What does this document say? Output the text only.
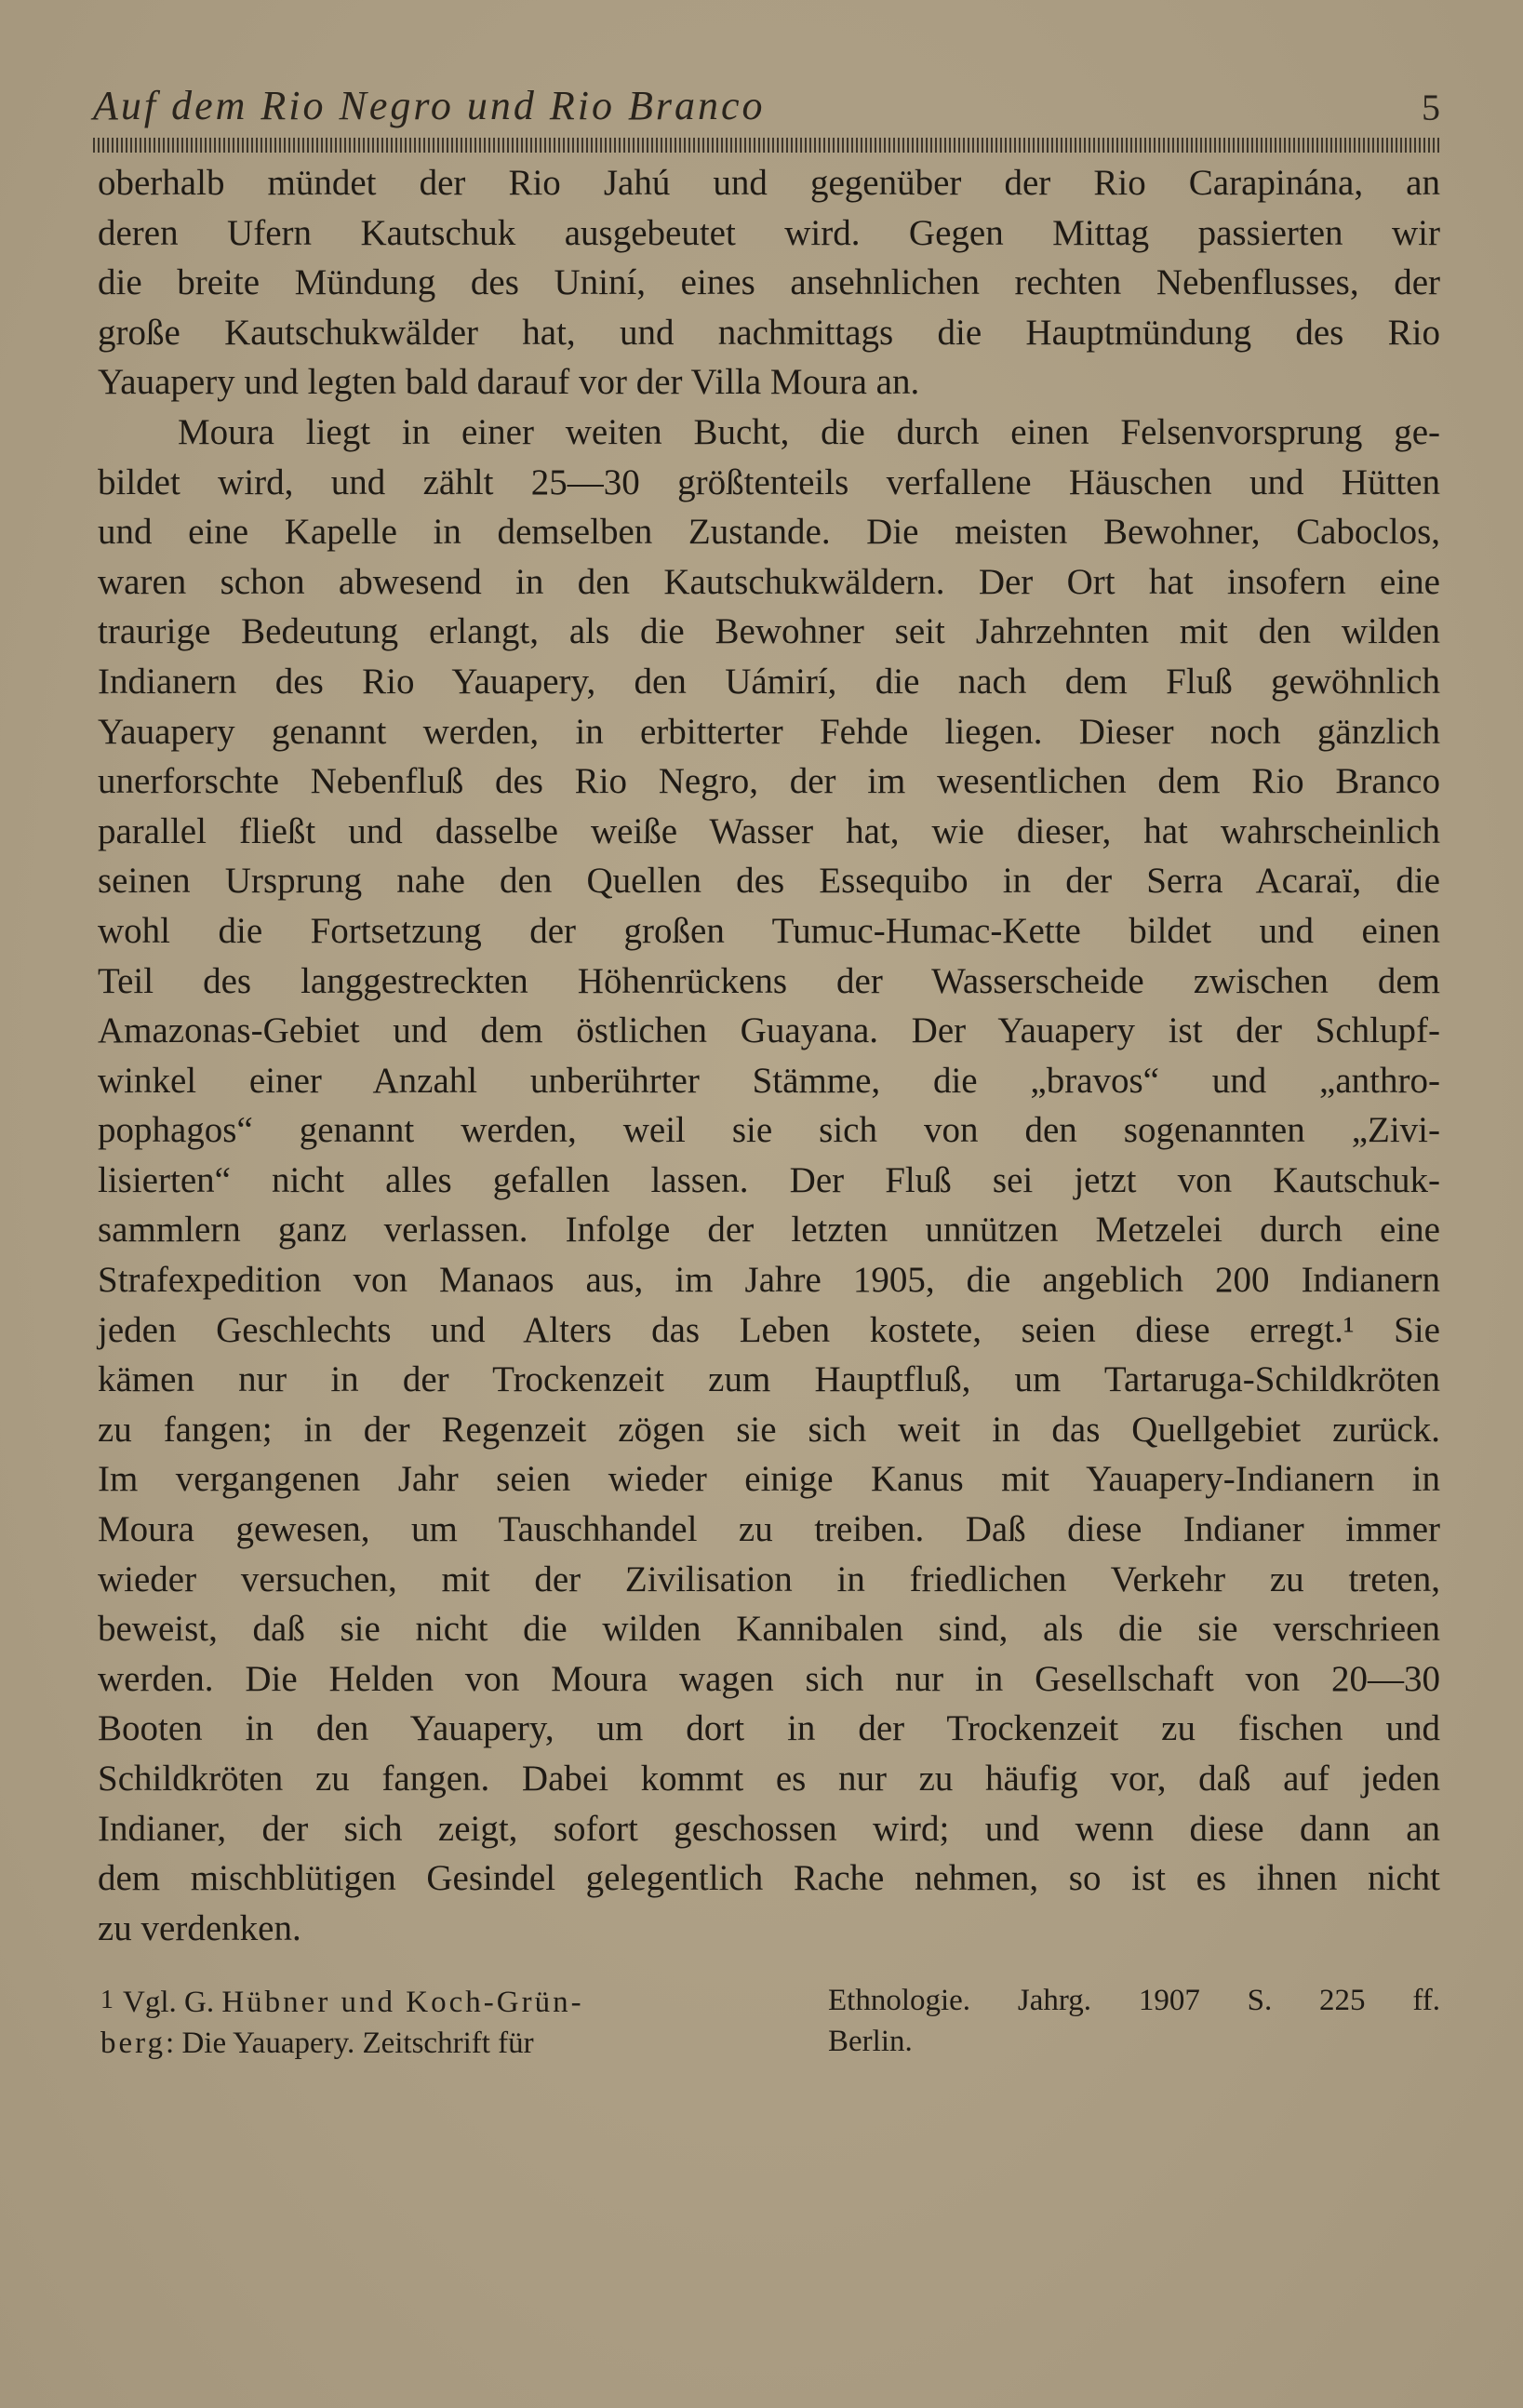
Auf dem Rio Negro und Rio Branco	5
oberhalb mündet der Rio Jahú und gegenüber der Rio Carapinána, an
deren Ufern Kautschuk ausgebeutet wird. Gegen Mittag passierten wir
die breite Mündung des Uniní, eines ansehnlichen rechten Nebenflusses, der
große Kautschukwälder hat, und nachmittags die Hauptmündung des Rio
Yauapery und legten bald darauf vor der Villa Moura an.
Moura liegt in einer weiten Bucht, die durch einen Felsenvorsprung ge-
bildet wird, und zählt 25—30 größtenteils verfallene Häuschen und Hütten
und eine Kapelle in demselben Zustande. Die meisten Bewohner, Caboclos,
waren schon abwesend in den Kautschukwäldern. Der Ort hat insofern eine
traurige Bedeutung erlangt, als die Bewohner seit Jahrzehnten mit den wilden
Indianern des Rio Yauapery, den Uámirí, die nach dem Fluß gewöhnlich
Yauapery genannt werden, in erbitterter Fehde liegen. Dieser noch gänzlich
unerforschte Nebenfluß des Rio Negro, der im wesentlichen dem Rio Branco
parallel fließt und dasselbe weiße Wasser hat, wie dieser, hat wahrscheinlich
seinen Ursprung nahe den Quellen des Essequibo in der Serra Acaraï, die
wohl die Fortsetzung der großen Tumuc-Humac-Kette bildet und einen
Teil des langgestreckten Höhenrückens der Wasserscheide zwischen dem
Amazonas-Gebiet und dem östlichen Guayana. Der Yauapery ist der Schlupf-
winkel einer Anzahl unberührter Stämme, die „bravos“ und „anthro-
pophagos“ genannt werden, weil sie sich von den sogenannten „Zivi-
lisierten“ nicht alles gefallen lassen. Der Fluß sei jetzt von Kautschuk-
sammlern ganz verlassen. Infolge der letzten unnützen Metzelei durch eine
Strafexpedition von Manaos aus, im Jahre 1905, die angeblich 200 Indianern
jeden Geschlechts und Alters das Leben kostete, seien diese erregt.¹ Sie
kämen nur in der Trockenzeit zum Hauptfluß, um Tartaruga-Schildkröten
zu fangen; in der Regenzeit zögen sie sich weit in das Quellgebiet zurück.
Im vergangenen Jahr seien wieder einige Kanus mit Yauapery-Indianern in
Moura gewesen, um Tauschhandel zu treiben. Daß diese Indianer immer
wieder versuchen, mit der Zivilisation in friedlichen Verkehr zu treten,
beweist, daß sie nicht die wilden Kannibalen sind, als die sie verschrieen
werden. Die Helden von Moura wagen sich nur in Gesellschaft von 20—30
Booten in den Yauapery, um dort in der Trockenzeit zu fischen und
Schildkröten zu fangen. Dabei kommt es nur zu häufig vor, daß auf jeden
Indianer, der sich zeigt, sofort geschossen wird; und wenn diese dann an
dem mischblütigen Gesindel gelegentlich Rache nehmen, so ist es ihnen nicht
zu verdenken.
1 Vgl. G. Hübner und Koch-Grün-
berg: Die Yauapery. Zeitschrift für
Ethnologie. Jahrg. 1907 S. 225 ff.
Berlin.
